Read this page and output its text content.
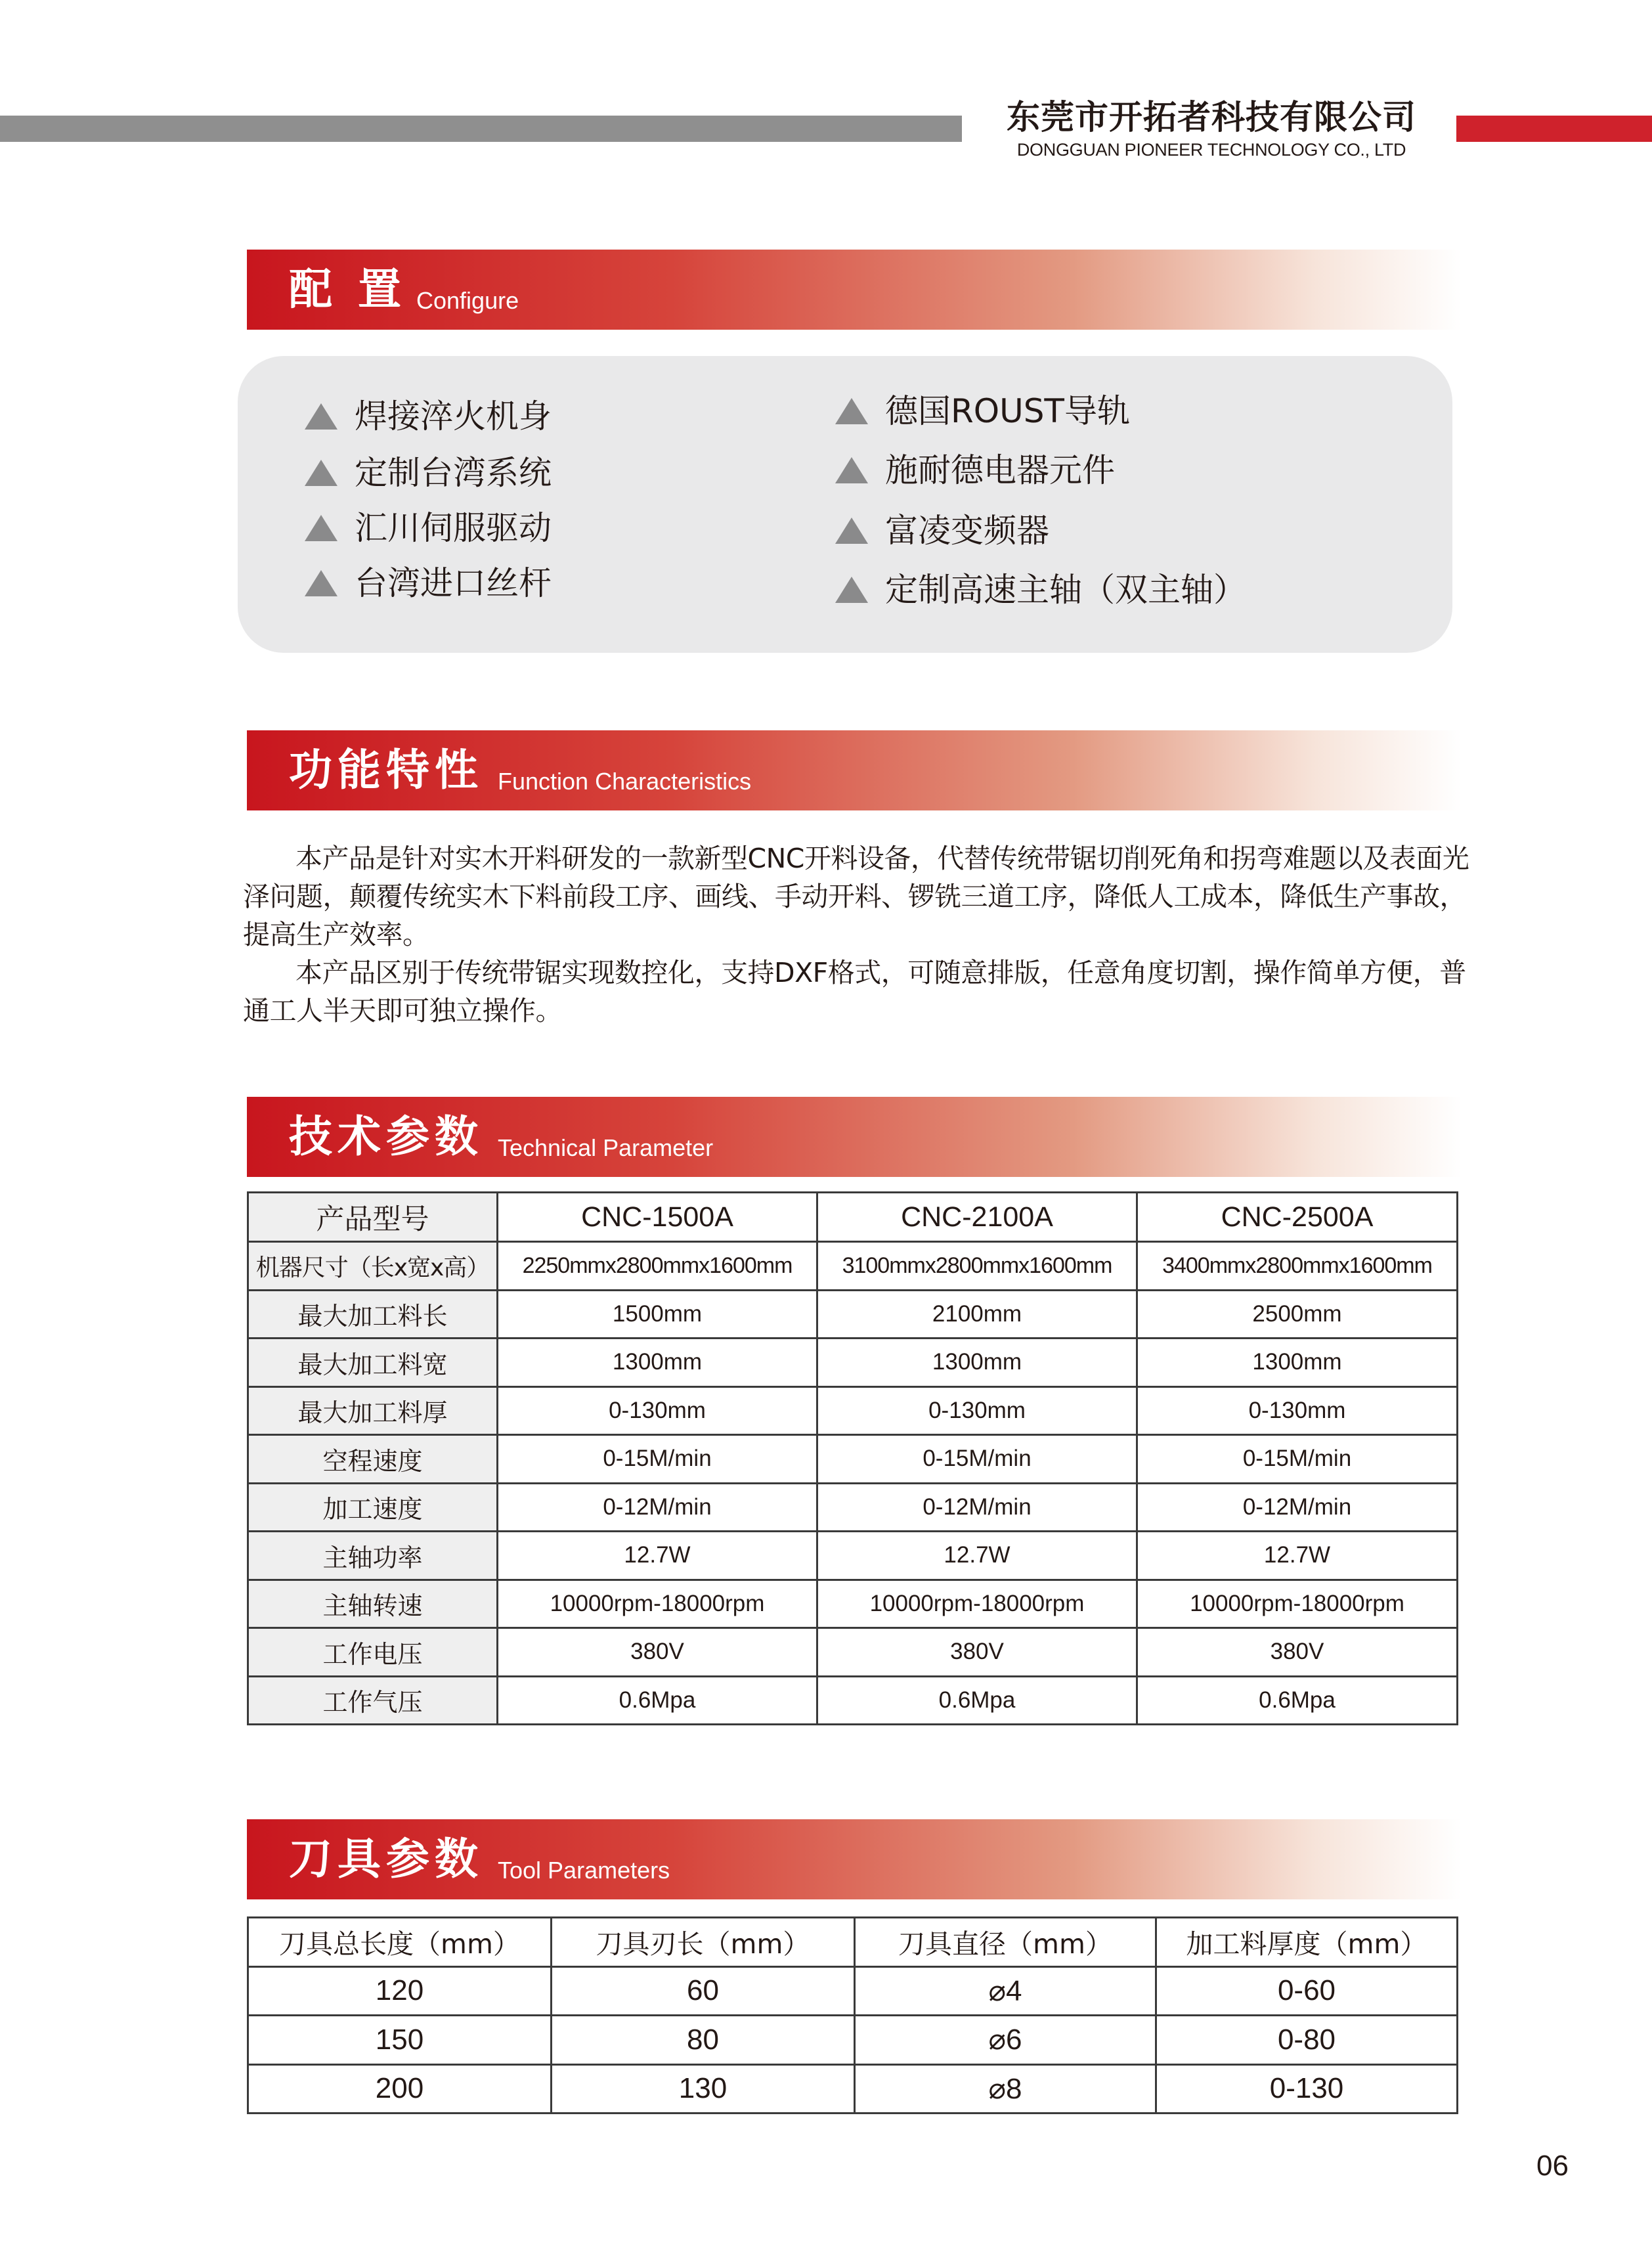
东莞市开拓者科技有限公司
DONGGUAN PIONEER TECHNOLOGY CO., LTD
配 置 Configure
焊接淬火机身
定制台湾系统
汇川伺服驱动
台湾进口丝杆
德国ROUST导轨
施耐德电器元件
富凌变频器
定制高速主轴（双主轴）
功能特性 Function Characteristics

本产品是针对实木开料研发的一款新型CNC开料设备，代替传统带锯切削死角和拐弯难题以及表面光泽问题，颠覆传统实木下料前段工序、画线、手动开料、锣铣三道工序，降低人工成本，降低生产事故，提高生产效率。

本产品区别于传统带锯实现数控化，支持DXF格式，可随意排版，任意角度切割，操作简单方便，普通工人半天即可独立操作。

技术参数 Technical Parameter
产品型号	CNC-1500A	CNC-2100A	CNC-2500A
机器尺寸（长x宽x高）	2250mmx2800mmx1600mm	3100mmx2800mmx1600mm	3400mmx2800mmx1600mm
最大加工料长	1500mm	2100mm	2500mm
最大加工料宽	1300mm	1300mm	1300mm
最大加工料厚	0-130mm	0-130mm	0-130mm
空程速度	0-15M/min	0-15M/min	0-15M/min
加工速度	0-12M/min	0-12M/min	0-12M/min
主轴功率	12.7W	12.7W	12.7W
主轴转速	10000rpm-18000rpm	10000rpm-18000rpm	10000rpm-18000rpm
工作电压	380V	380V	380V
工作气压	0.6Mpa	0.6Mpa	0.6Mpa
刀具参数 Tool Parameters
刀具总长度（mm）	刀具刃长（mm）	刀具直径（mm）	加工料厚度（mm）
120	60	⌀4	0-60
150	80	⌀6	0-80
200	130	⌀8	0-130
06
